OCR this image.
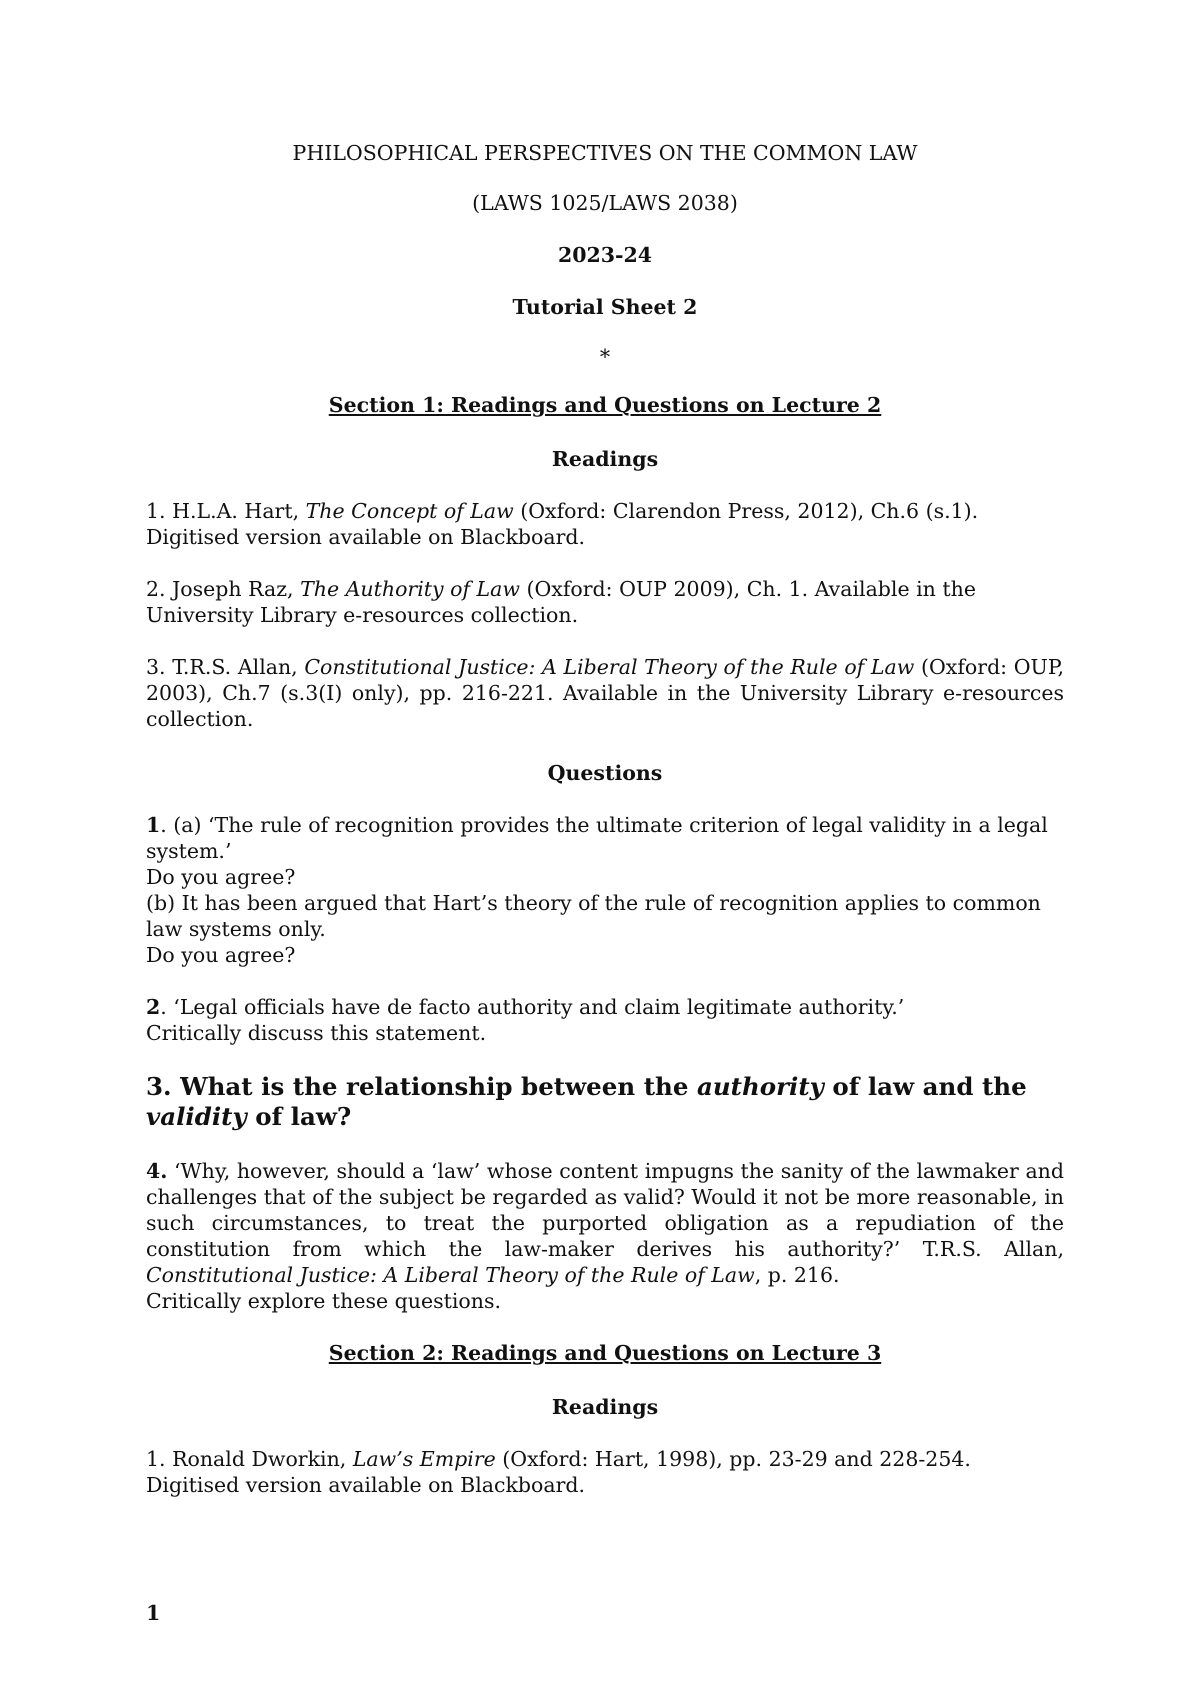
PHILOSOPHICAL PERSPECTIVES ON THE COMMON LAW

(LAWS 1025/LAWS 2038)

2023-24

Tutorial Sheet 2

*

Section 1: Readings and Questions on Lecture 2

Readings

1. H.L.A. Hart, The Concept of Law (Oxford: Clarendon Press, 2012), Ch.6 (s.1).

Digitised version available on Blackboard.

2. Joseph Raz, The Authority of Law (Oxford: OUP 2009), Ch. 1. Available in the University Library e-resources collection.

3. T.R.S. Allan, Constitutional Justice: A Liberal Theory of the Rule of Law (Oxford: OUP, 2003), Ch.7 (s.3(I) only), pp. 216-221. Available in the University Library e-resources collection.

Questions

1. (a) ‘The rule of recognition provides the ultimate criterion of legal validity in a legal system.’

Do you agree?

(b) It has been argued that Hart’s theory of the rule of recognition applies to common law systems only.

Do you agree?

2. ‘Legal officials have de facto authority and claim legitimate authority.’

Critically discuss this statement.

3. What is the relationship between the authority of law and the validity of law?

4. ‘Why, however, should a ‘law’ whose content impugns the sanity of the lawmaker and challenges that of the subject be regarded as valid? Would it not be more reasonable, in such circumstances, to treat the purported obligation as a repudiation of the constitution from which the law-maker derives his authority?’ T.R.S. Allan, Constitutional Justice: A Liberal Theory of the Rule of Law, p. 216.

Critically explore these questions.

Section 2: Readings and Questions on Lecture 3

Readings

1. Ronald Dworkin, Law’s Empire (Oxford: Hart, 1998), pp. 23-29 and 228-254.

Digitised version available on Blackboard.

1
